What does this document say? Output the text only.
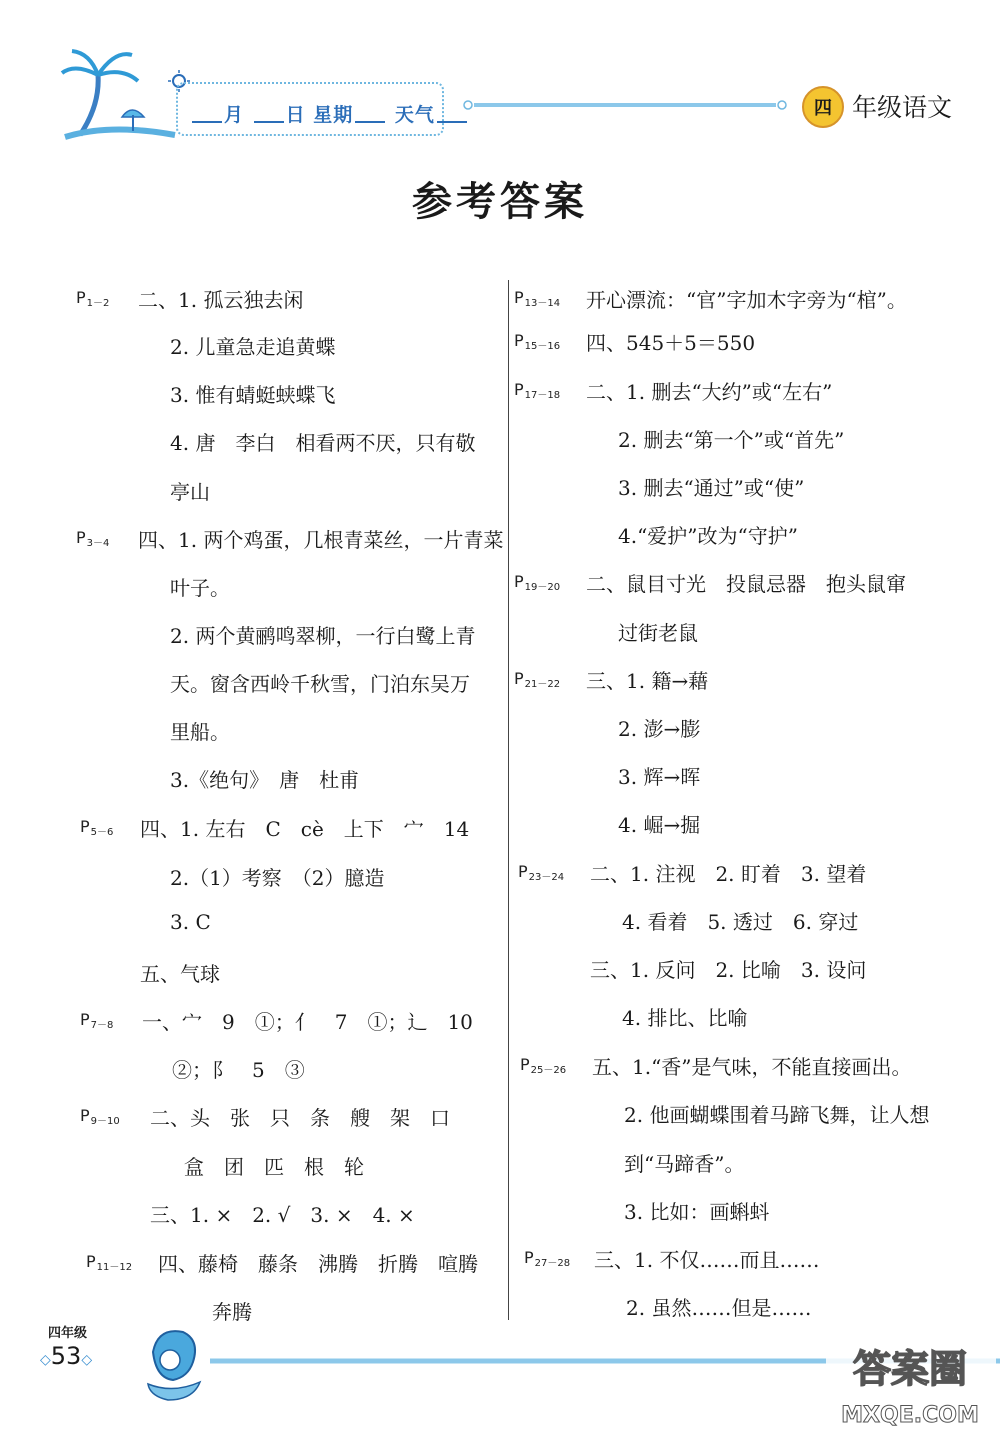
月 日 星期 天气	四 年级语文
参考答案
$P_{1-2}$ 二、1. 孤云独去闲
2. 儿童急走追黄蝶
3. 惟有蜻蜓蛱蝶飞
4. 唐　李白　相看两不厌，只有敬
亭山
$P_{3-4}$ 四、1. 两个鸡蛋，几根青菜丝，一片青菜
叶子。
2. 两个黄鹂鸣翠柳，一行白鹭上青
天。窗含西岭千秋雪，门泊东吴万
里船。
3.《绝句》　唐　杜甫
$P_{5-6}$ 四、1. 左右　C　cè　上下　宀　14
2.（1）考察　（2）臆造
3. C
五、气球
$P_{7-8}$ 一、宀　9　①；亻　7　①；辶　10
②；阝　5　③
$P_{9-10}$ 二、头　张　只　条　艘　架　口
盒　团　匹　根　轮
三、1. ×　2. √　3. ×　4. ×
$P_{11-12}$ 四、藤椅　藤条　沸腾　折腾　喧腾
奔腾
$P_{13-14}$ 开心漂流：“官”字加木字旁为“棺”。
$P_{15-16}$ 四、545＋5＝550
$P_{17-18}$ 二、1. 删去“大约”或“左右”
2. 删去“第一个”或“首先”
3. 删去“通过”或“使”
4.“爱护”改为“守护”
$P_{19-20}$ 二、鼠目寸光　投鼠忌器　抱头鼠窜
过街老鼠
$P_{21-22}$ 三、1. 籍→藉
2. 澎→膨
3. 辉→晖
4. 崛→掘
$P_{23-24}$ 二、1. 注视　2. 盯着　3. 望着
4. 看着　5. 透过　6. 穿过
三、1. 反问　2. 比喻　3. 设问
4. 排比、比喻
$P_{25-26}$ 五、1.“香”是气味，不能直接画出。
2. 他画蝴蝶围着马蹄飞舞，让人想
到“马蹄香”。
3. 比如：画蝌蚪
$P_{27-28}$ 三、1. 不仅……而且……
2. 虽然……但是……
四年级
◇53◇	答案圈
MXQE.COM
